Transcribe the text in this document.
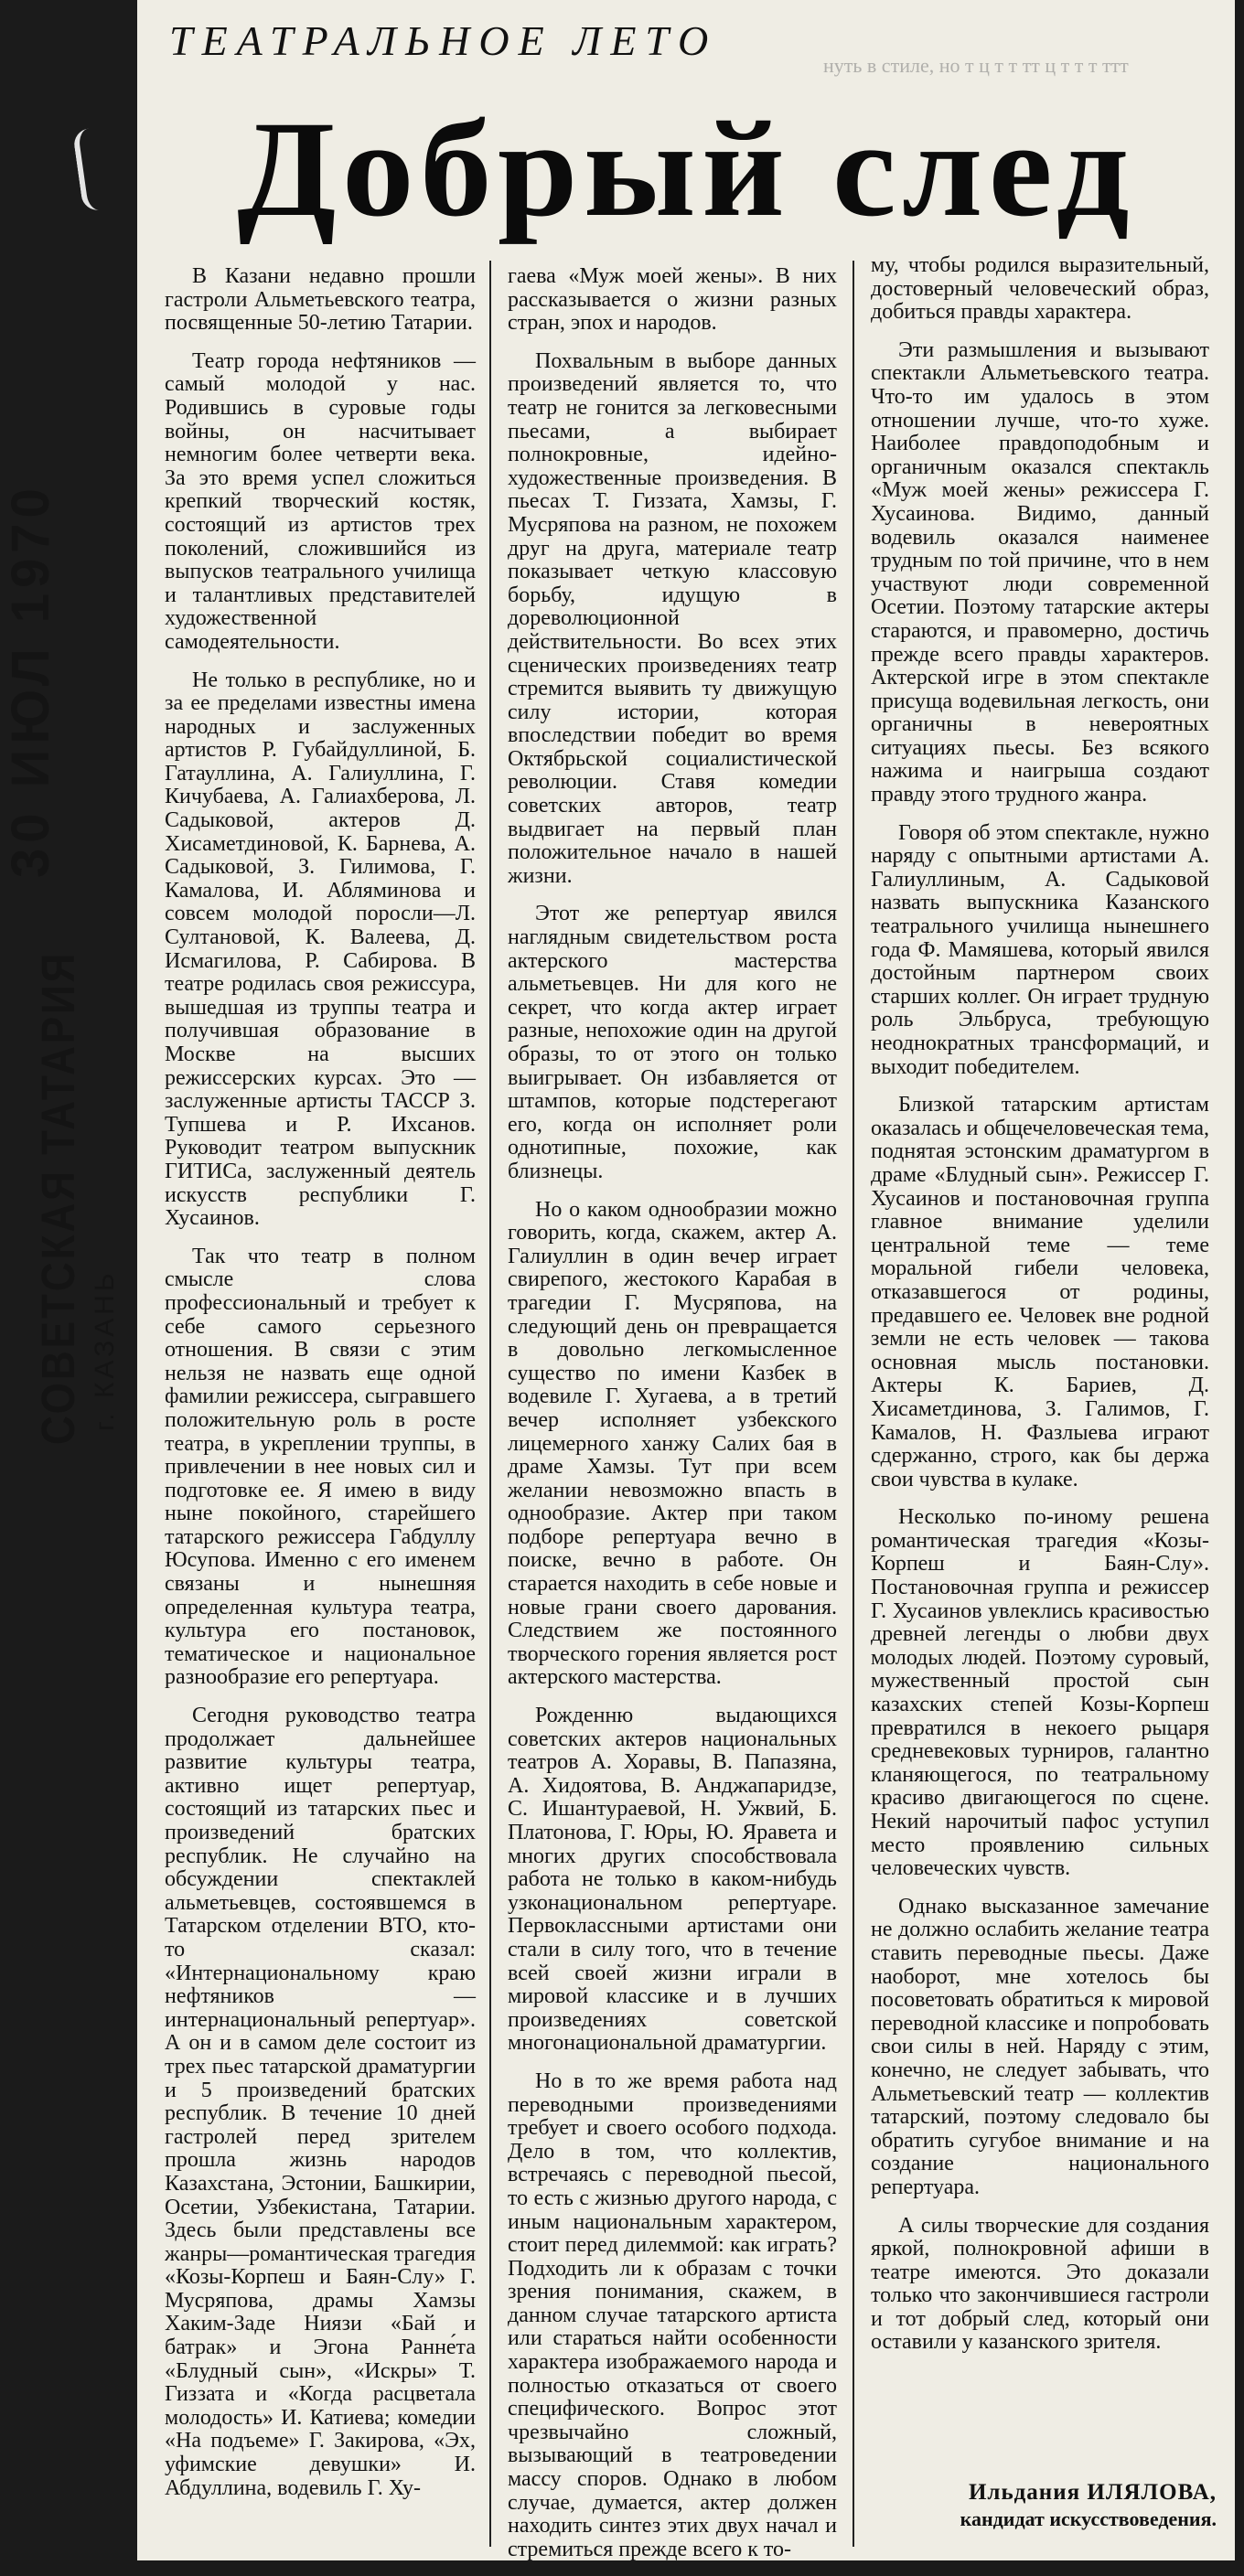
ТЕАТРАЛЬНОЕ ЛЕТО
нуть в стиле, но т ц т т тт ц т т т ттт
Добрый след
СОВЕТСКАЯ ТАТАРИЯ г. КАЗАНЬ
30 ИЮЛ 1970

В Казани недавно прошли гастроли Альметьевского театра, посвященные 50-летию Татарии.

Театр города нефтяников — самый молодой у нас. Родившись в суровые годы войны, он насчитывает немногим более четверти века. За это время успел сложиться крепкий творческий костяк, состоящий из артистов трех поколений, сложившийся из выпусков театрального училища и талантливых представителей художественной самодеятельности.

Не только в республике, но и за ее пределами известны имена народных и заслуженных артистов Р. Губайдуллиной, Б. Гатауллина, А. Галиуллина, Г. Кичубаева, А. Галиахберова, Л. Садыковой, актеров Д. Хисаметдиновой, К. Барнева, А. Садыковой, З. Гилимова, Г. Камалова, И. Абляминова и совсем молодой поросли—Л. Султановой, К. Валеева, Д. Исмагилова, Р. Сабирова. В театре родилась своя режиссура, вышедшая из труппы театра и получившая образование в Москве на высших режиссерских курсах. Это — заслуженные артисты ТАССР З. Тупшева и Р. Ихсанов. Руководит театром выпускник ГИТИСа, заслуженный деятель искусств республики Г. Хусаинов.

Так что театр в полном смысле слова профессиональный и требует к себе самого серьезного отношения. В связи с этим нельзя не назвать еще одной фамилии режиссера, сыгравшего положительную роль в росте театра, в укреплении труппы, в привлечении в нее новых сил и подготовке ее. Я имею в виду ныне покойного, старейшего татарского режиссера Габдуллу Юсупова. Именно с его именем связаны и нынешняя определенная культура театра, культура его постановок, тематическое и национальное разнообразие его репертуара.

Сегодня руководство театра продолжает дальнейшее развитие культуры театра, активно ищет репертуар, состоящий из татарских пьес и произведений братских республик. Не случайно на обсуждении спектаклей альметьевцев, состоявшемся в Татарском отделении ВТО, кто-то сказал: «Интернациональному краю нефтяников — интернациональный репертуар». А он и в самом деле состоит из трех пьес татарской драматургии и 5 произведений братских республик. В течение 10 дней гастролей перед зрителем прошла жизнь народов Казахстана, Эстонии, Башкирии, Осетии, Узбекистана, Татарии. Здесь были представлены все жанры—романтическая трагедия «Козы-Корпеш и Баян-Слу» Г. Мусряпова, драмы Хамзы Хаким-Заде Ниязи «Бай и батрак» и Эгона Ранне́та «Блудный сын», «Искры» Т. Гиззата и «Когда расцветала молодость» И. Катиева; комедии «На подъеме» Г. Закирова, «Эх, уфимские девушки» И. Абдуллина, водевиль Г. Ху-

гаева «Муж моей жены». В них рассказывается о жизни разных стран, эпох и народов.

Похвальным в выборе данных произведений является то, что театр не гонится за легковесными пьесами, а выбирает полнокровные, идейно-художественные произведения. В пьесах Т. Гиззата, Хамзы, Г. Мусряпова на разном, не похожем друг на друга, материале театр показывает четкую классовую борьбу, идущую в дореволюционной действительности. Во всех этих сценических произведениях театр стремится выявить ту движущую силу истории, которая впоследствии победит во время Октябрьской социалистической революции. Ставя комедии советских авторов, театр выдвигает на первый план положительное начало в нашей жизни.

Этот же репертуар явился наглядным свидетельством роста актерского мастерства альметьевцев. Ни для кого не секрет, что когда актер играет разные, непохожие один на другой образы, то от этого он только выигрывает. Он избавляется от штампов, которые подстерегают его, когда он исполняет роли однотипные, похожие, как близнецы.

Но о каком однообразии можно говорить, когда, скажем, актер А. Галиуллин в один вечер играет свирепого, жестокого Карабая в трагедии Г. Мусряпова, на следующий день он превращается в довольно легкомысленное существо по имени Казбек в водевиле Г. Хугаева, а в третий вечер исполняет узбекского лицемерного ханжу Салих бая в драме Хамзы. Тут при всем желании невозможно впасть в однообразие. Актер при таком подборе репертуара вечно в поиске, вечно в работе. Он старается находить в себе новые и новые грани своего дарования. Следствием же постоянного творческого горения является рост актерского мастерства.

Рожденню выдающихся советских актеров национальных театров А. Хоравы, В. Папазяна, А. Хидоятова, В. Анджапаридзе, С. Ишантураевой, Н. Ужвий, Б. Платонова, Г. Юры, Ю. Яравета и многих других способствовала работа не только в каком-нибудь узконациональном репертуаре. Первоклассными артистами они стали в силу того, что в течение всей своей жизни играли в мировой классике и в лучших произведениях советской многонациональной драматургии.

Но в то же время работа над переводными произведениями требует и своего особого подхода. Дело в том, что коллектив, встречаясь с переводной пьесой, то есть с жизнью другого народа, с иным национальным характером, стоит перед дилеммой: как играть? Подходить ли к образам с точки зрения понимания, скажем, в данном случае татарского артиста или стараться найти особенности характера изображаемого народа и полностью отказаться от своего специфического. Вопрос этот чрезвычайно сложный, вызывающий в театроведении массу споров. Однако в любом случае, думается, актер должен находить синтез этих двух начал и стремиться прежде всего к то-

му, чтобы родился выразительный, достоверный человеческий образ, добиться правды характера.

Эти размышления и вызывают спектакли Альметьевского театра. Что-то им удалось в этом отношении лучше, что-то хуже. Наиболее правдоподобным и органичным оказался спектакль «Муж моей жены» режиссера Г. Хусаинова. Видимо, данный водевиль оказался наименее трудным по той причине, что в нем участвуют люди современной Осетии. Поэтому татарские актеры стараются, и правомерно, достичь прежде всего правды характеров. Актерской игре в этом спектакле присуща водевильная легкость, они органичны в невероятных ситуациях пьесы. Без всякого нажима и наигрыша создают правду этого трудного жанра.

Говоря об этом спектакле, нужно наряду с опытными артистами А. Галиуллиным, А. Садыковой назвать выпускника Казанского театрального училища нынешнего года Ф. Мамяшева, который явился достойным партнером своих старших коллег. Он играет трудную роль Эльбруса, требующую неоднократных трансформаций, и выходит победителем.

Близкой татарским артистам оказалась и общечеловеческая тема, поднятая эстонским драматургом в драме «Блудный сын». Режиссер Г. Хусаинов и постановочная группа главное внимание уделили центральной теме — теме моральной гибели человека, отказавшегося от родины, предавшего ее. Человек вне родной земли не есть человек — такова основная мысль постановки. Актеры К. Бариев, Д. Хисаметдинова, З. Галимов, Г. Камалов, Н. Фазлыева играют сдержанно, строго, как бы держа свои чувства в кулаке.

Несколько по-иному решена романтическая трагедия «Козы-Корпеш и Баян-Слу». Постановочная группа и режиссер Г. Хусаинов увлеклись красивостью древней легенды о любви двух молодых людей. Поэтому суровый, мужественный простой сын казахских степей Козы-Корпеш превратился в некоего рыцаря средневековых турниров, галантно кланяющегося, по театральному красиво двигающегося по сцене. Некий нарочитый пафос уступил место проявлению сильных человеческих чувств.

Однако высказанное замечание не должно ослабить желание театра ставить переводные пьесы. Даже наоборот, мне хотелось бы посоветовать обратиться к мировой переводной классике и попробовать свои силы в ней. Наряду с этим, конечно, не следует забывать, что Альметьевский театр — коллектив татарский, поэтому следовало бы обратить сугубое внимание и на создание национального репертуара.

А силы творческие для создания яркой, полнокровной афиши в театре имеются. Это доказали только что закончившиеся гастроли и тот добрый след, который они оставили у казанского зрителя.

Ильдания ИЛЯЛОВА,
кандидат искусствоведения.
